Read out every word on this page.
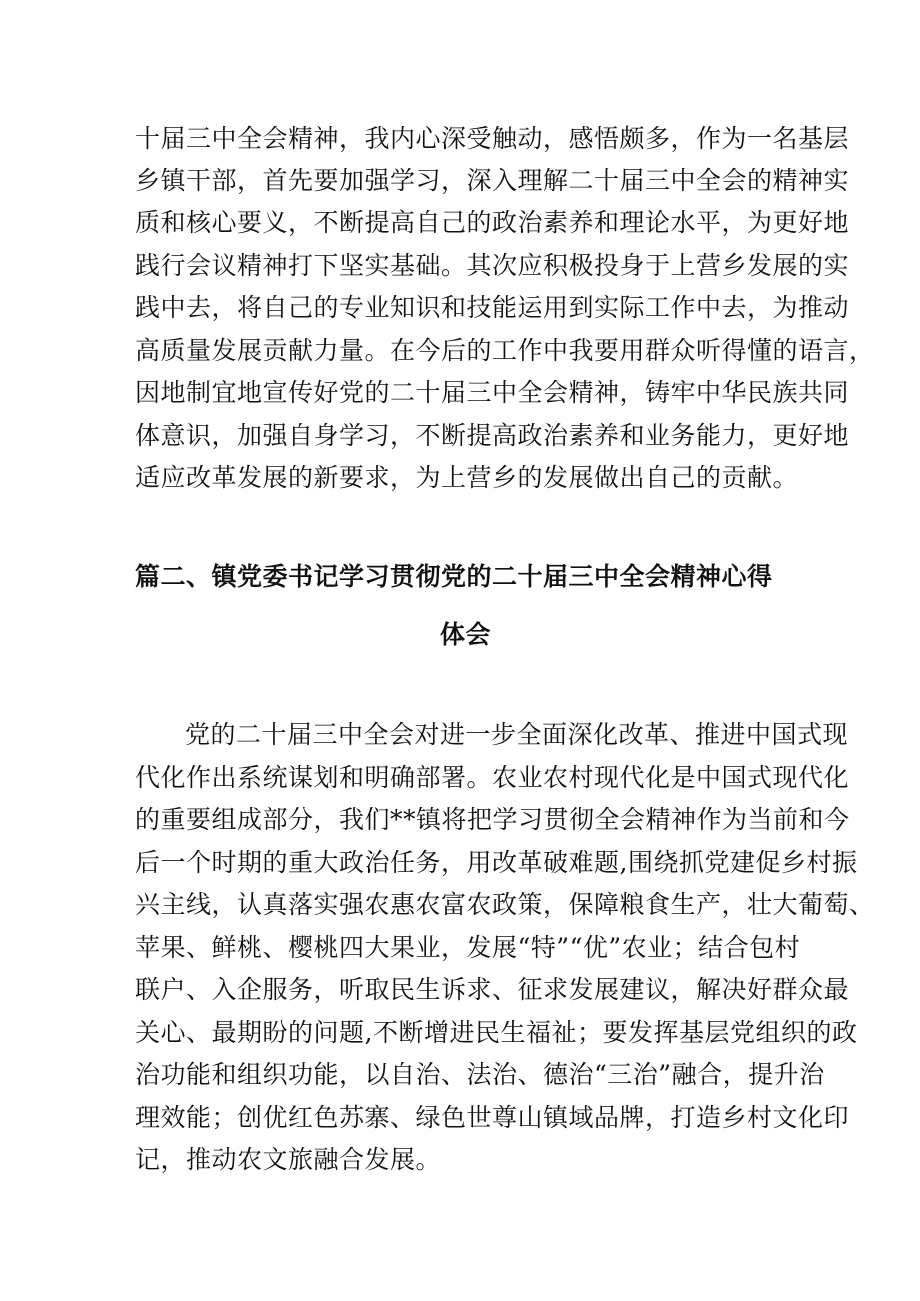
十届三中全会精神，我内心深受触动，感悟颇多，作为一名基层
乡镇干部，首先要加强学习，深入理解二十届三中全会的精神实
质和核心要义，不断提高自己的政治素养和理论水平，为更好地
践行会议精神打下坚实基础。其次应积极投身于上营乡发展的实
践中去，将自己的专业知识和技能运用到实际工作中去，为推动
高质量发展贡献力量。在今后的工作中我要用群众听得懂的语言，
因地制宜地宣传好党的二十届三中全会精神，铸牢中华民族共同
体意识，加强自身学习，不断提高政治素养和业务能力，更好地
适应改革发展的新要求，为上营乡的发展做出自己的贡献。
篇二、镇党委书记学习贯彻党的二十届三中全会精神心得
体会
党的二十届三中全会对进一步全面深化改革、推进中国式现
代化作出系统谋划和明确部署。农业农村现代化是中国式现代化
的重要组成部分，我们**镇将把学习贯彻全会精神作为当前和今
后一个时期的重大政治任务，用改革破难题,围绕抓党建促乡村振
兴主线，认真落实强农惠农富农政策，保障粮食生产，壮大葡萄、
苹果、鲜桃、樱桃四大果业，发展“特”“优”农业；结合包村
联户、入企服务，听取民生诉求、征求发展建议，解决好群众最
关心、最期盼的问题,不断增进民生福祉；要发挥基层党组织的政
治功能和组织功能，以自治、法治、德治“三治”融合，提升治
理效能；创优红色苏寨、绿色世尊山镇域品牌，打造乡村文化印
记，推动农文旅融合发展。
